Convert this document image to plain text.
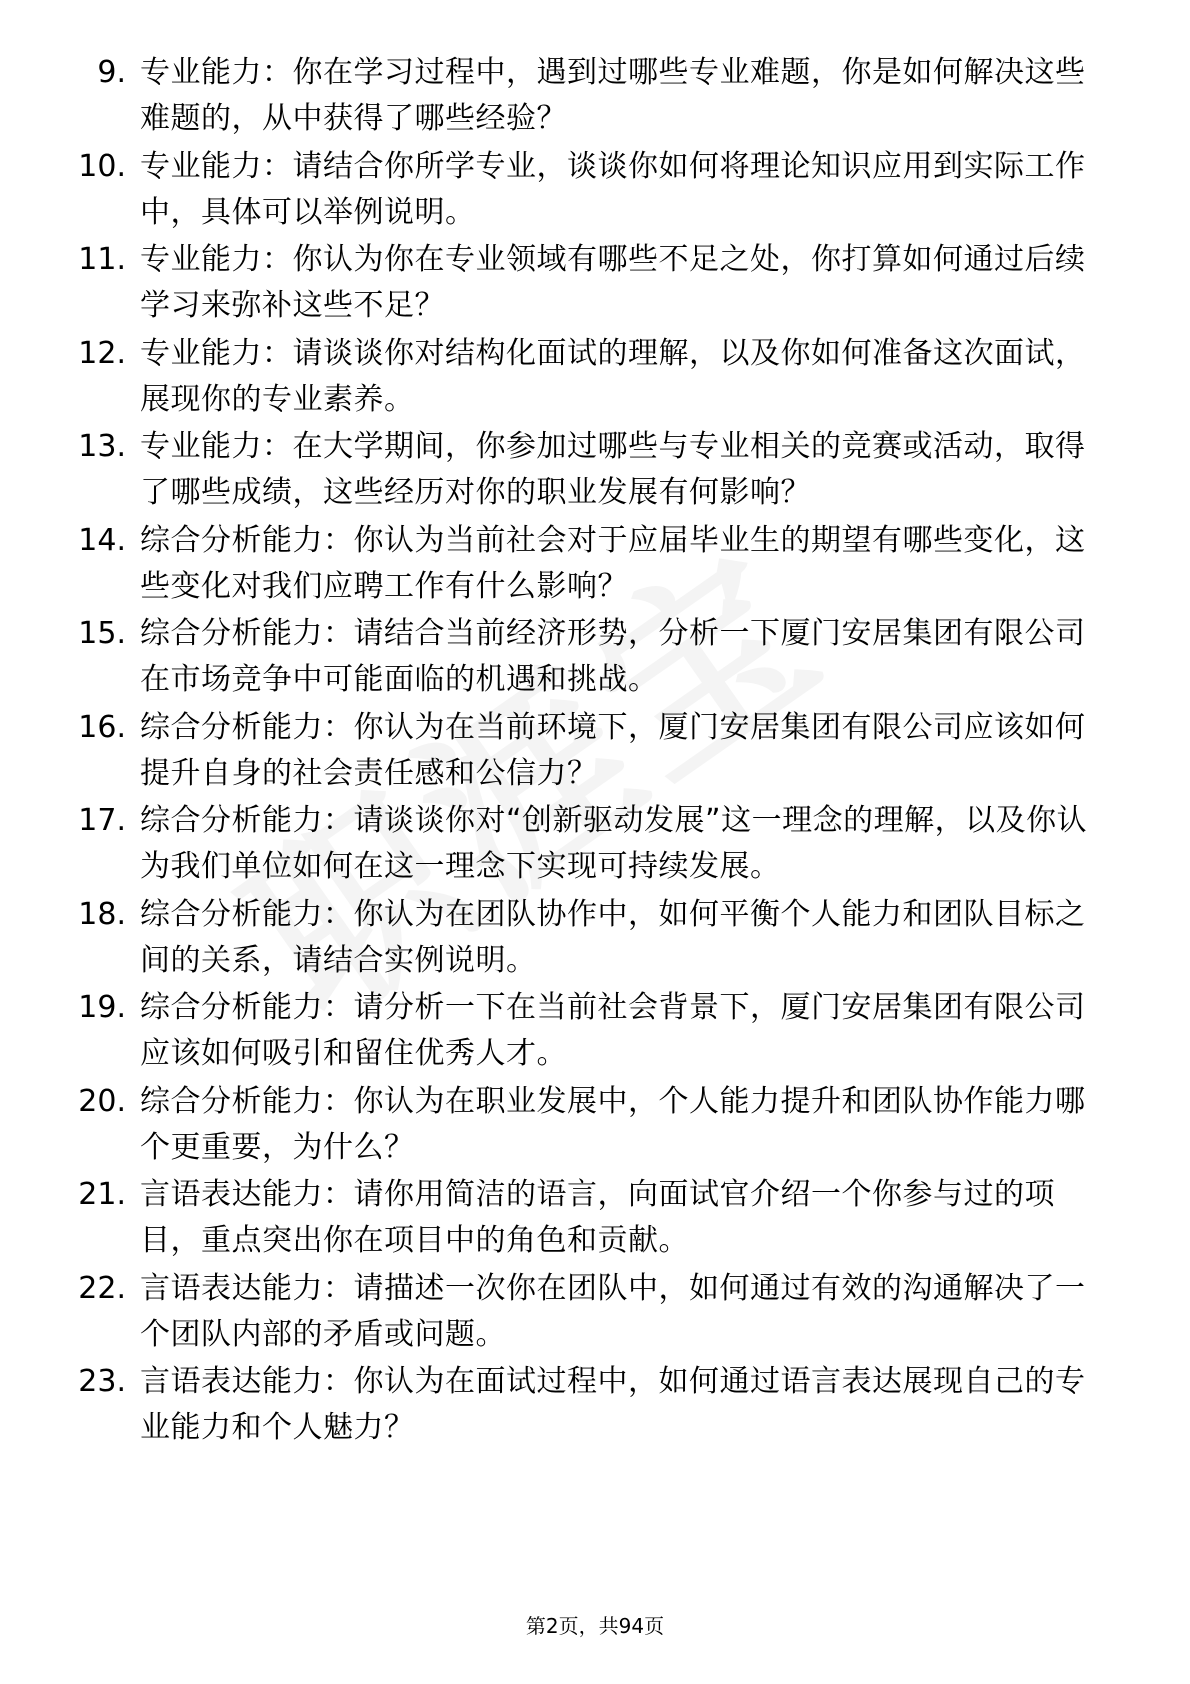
9. 专业能力：你在学习过程中，遇到过哪些专业难题，你是如何解决这些难题的，从中获得了哪些经验？
10. 专业能力：请结合你所学专业，谈谈你如何将理论知识应用到实际工作中，具体可以举例说明。
11. 专业能力：你认为你在专业领域有哪些不足之处，你打算如何通过后续学习来弥补这些不足？
12. 专业能力：请谈谈你对结构化面试的理解，以及你如何准备这次面试，展现你的专业素养。
13. 专业能力：在大学期间，你参加过哪些与专业相关的竞赛或活动，取得了哪些成绩，这些经历对你的职业发展有何影响？
14. 综合分析能力：你认为当前社会对于应届毕业生的期望有哪些变化，这些变化对我们应聘工作有什么影响？
15. 综合分析能力：请结合当前经济形势，分析一下厦门安居集团有限公司在市场竞争中可能面临的机遇和挑战。
16. 综合分析能力：你认为在当前环境下，厦门安居集团有限公司应该如何提升自身的社会责任感和公信力？
17. 综合分析能力：请谈谈你对“创新驱动发展”这一理念的理解，以及你认为我们单位如何在这一理念下实现可持续发展。
18. 综合分析能力：你认为在团队协作中，如何平衡个人能力和团队目标之间的关系，请结合实例说明。
19. 综合分析能力：请分析一下在当前社会背景下，厦门安居集团有限公司应该如何吸引和留住优秀人才。
20. 综合分析能力：你认为在职业发展中，个人能力提升和团队协作能力哪个更重要，为什么？
21. 言语表达能力：请你用简洁的语言，向面试官介绍一个你参与过的项目，重点突出你在项目中的角色和贡献。
22. 言语表达能力：请描述一次你在团队中，如何通过有效的沟通解决了一个团队内部的矛盾或问题。
23. 言语表达能力：你认为在面试过程中，如何通过语言表达展现自己的专业能力和个人魅力？
第2页，共94页
